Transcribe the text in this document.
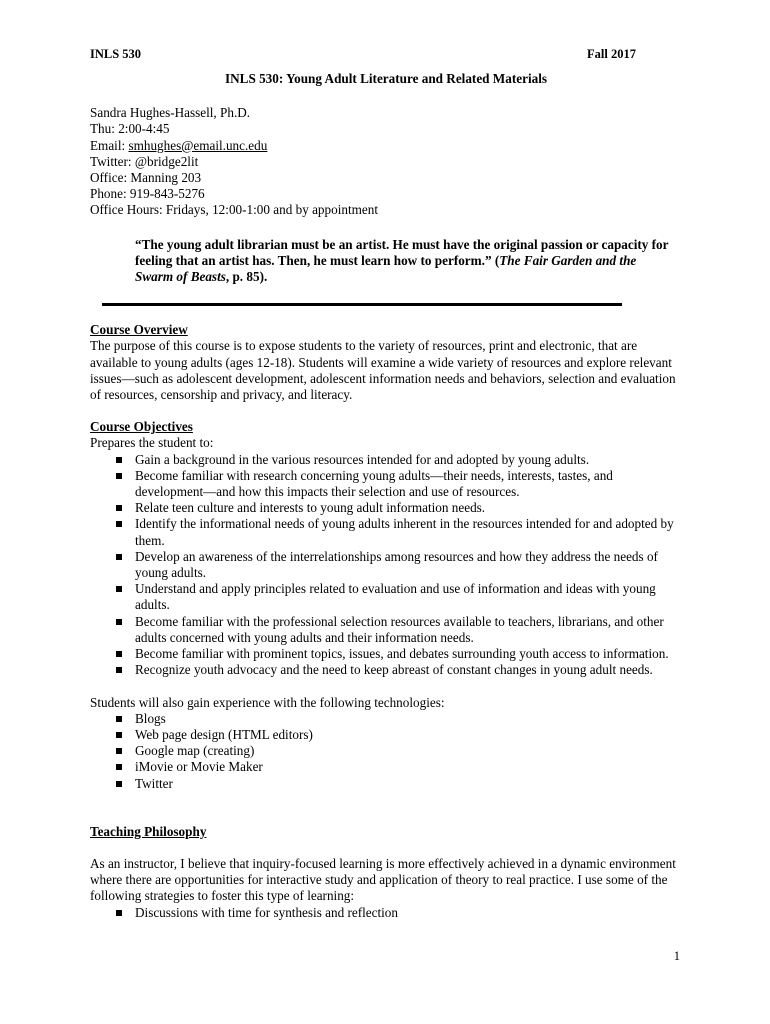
INLS 530	Fall 2017
INLS 530: Young Adult Literature and Related Materials
Sandra Hughes-Hassell, Ph.D.
Thu: 2:00-4:45
Email: smhughes@email.unc.edu
Twitter: @bridge2lit
Office: Manning 203
Phone: 919-843-5276
Office Hours: Fridays, 12:00-1:00 and by appointment
“The young adult librarian must be an artist. He must have the original passion or capacity for feeling that an artist has. Then, he must learn how to perform.” (The Fair Garden and the Swarm of Beasts, p. 85).
Course Overview
The purpose of this course is to expose students to the variety of resources, print and electronic, that are available to young adults (ages 12-18). Students will examine a wide variety of resources and explore relevant issues—such as adolescent development, adolescent information needs and behaviors, selection and evaluation of resources, censorship and privacy, and literacy.
Course Objectives
Prepares the student to:
Gain a background in the various resources intended for and adopted by young adults.
Become familiar with research concerning young adults—their needs, interests, tastes, and development—and how this impacts their selection and use of resources.
Relate teen culture and interests to young adult information needs.
Identify the informational needs of young adults inherent in the resources intended for and adopted by them.
Develop an awareness of the interrelationships among resources and how they address the needs of young adults.
Understand and apply principles related to evaluation and use of information and ideas with young adults.
Become familiar with the professional selection resources available to teachers, librarians, and other adults concerned with young adults and their information needs.
Become familiar with prominent topics, issues, and debates surrounding youth access to information.
Recognize youth advocacy and the need to keep abreast of constant changes in young adult needs.
Students will also gain experience with the following technologies:
Blogs
Web page design (HTML editors)
Google map (creating)
iMovie or Movie Maker
Twitter
Teaching Philosophy
As an instructor, I believe that inquiry-focused learning is more effectively achieved in a dynamic environment where there are opportunities for interactive study and application of theory to real practice. I use some of the following strategies to foster this type of learning:
Discussions with time for synthesis and reflection
1
